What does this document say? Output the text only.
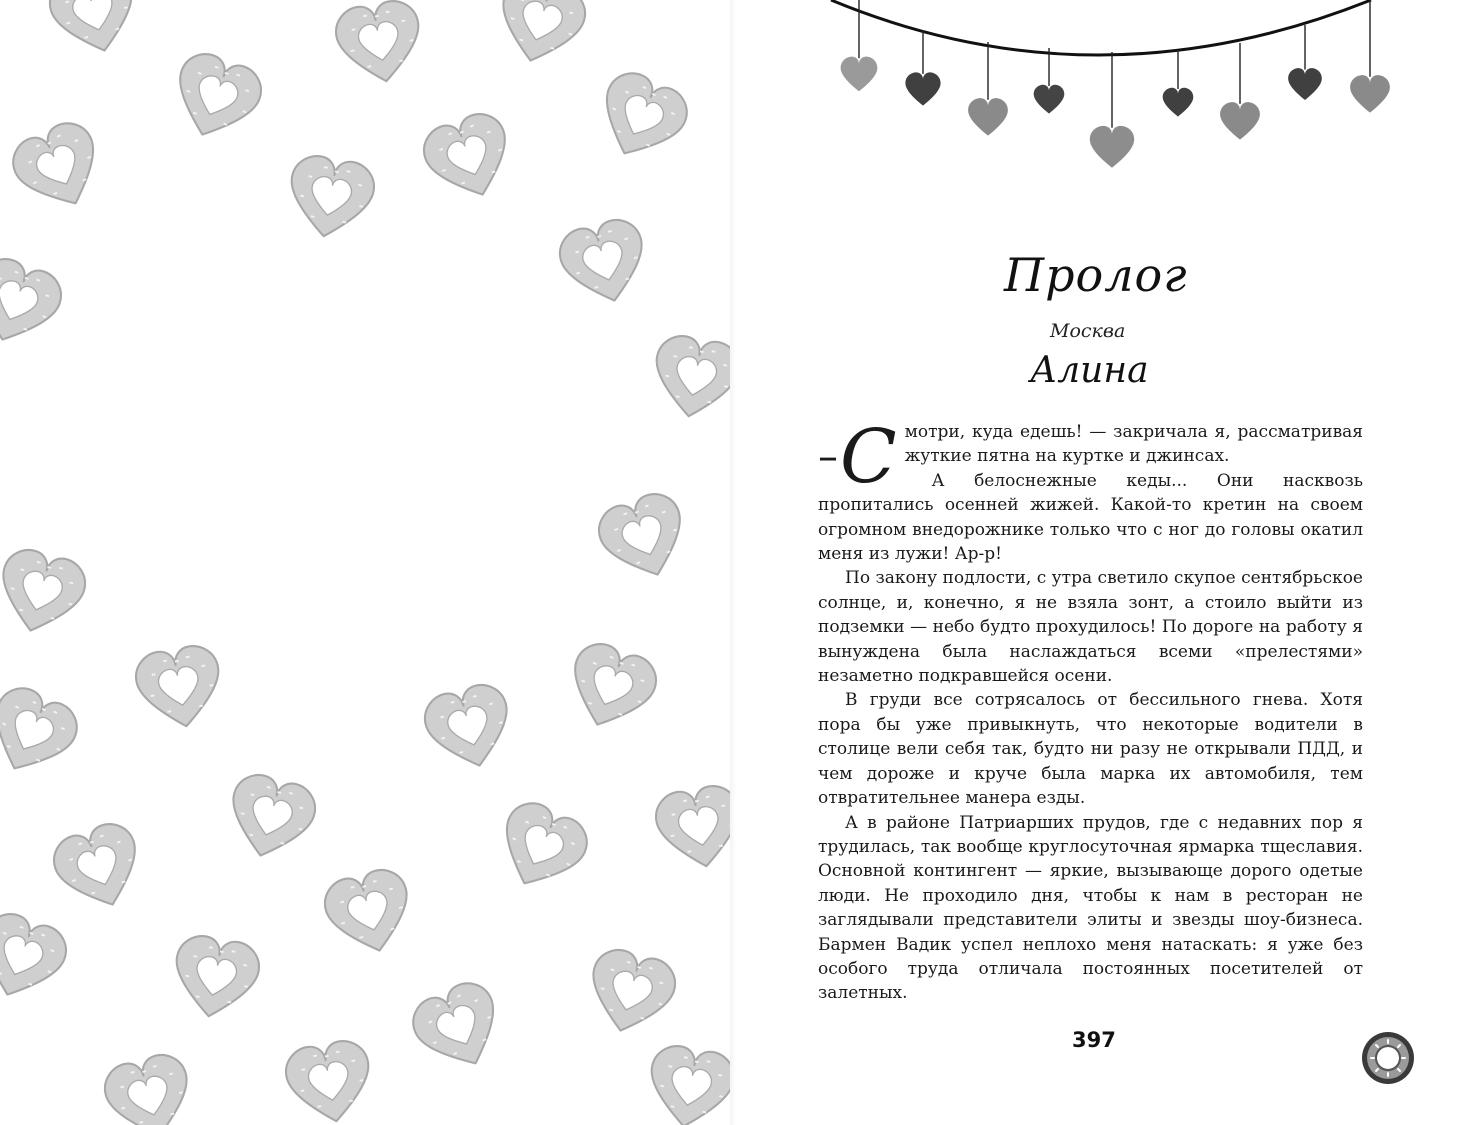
Пролог
Москва
Алина

– С мотри, куда едешь! — закричала я, рассматривая жуткие пятна на куртке и джинсах.

А белоснежные кеды... Они насквозь пропитались осенней жижей. Какой-то кретин на своем огромном внедорожнике только что с ног до головы окатил меня из лужи! Ар-р!

По закону подлости, с утра светило скупое сентябрьское солнце, и, конечно, я не взяла зонт, а стоило выйти из подземки — небо будто прохудилось! По дороге на работу я вынуждена была наслаждаться всеми «прелестями» незаметно подкравшейся осени.

В груди все сотрясалось от бессильного гнева. Хотя пора бы уже привыкнуть, что некоторые водители в столице вели себя так, будто ни разу не открывали ПДД, и чем дороже и круче была марка их автомобиля, тем отвратительнее манера езды.

А в районе Патриарших прудов, где с недавних пор я трудилась, так вообще круглосуточная ярмарка тщеславия. Основной контингент — яркие, вызывающе дорого одетые люди. Не проходило дня, чтобы к нам в ресторан не заглядывали представители элиты и звезды шоу-бизнеса. Бармен Вадик успел неплохо меня натаскать: я уже без особого труда отличала постоянных посетителей от залетных.

397
